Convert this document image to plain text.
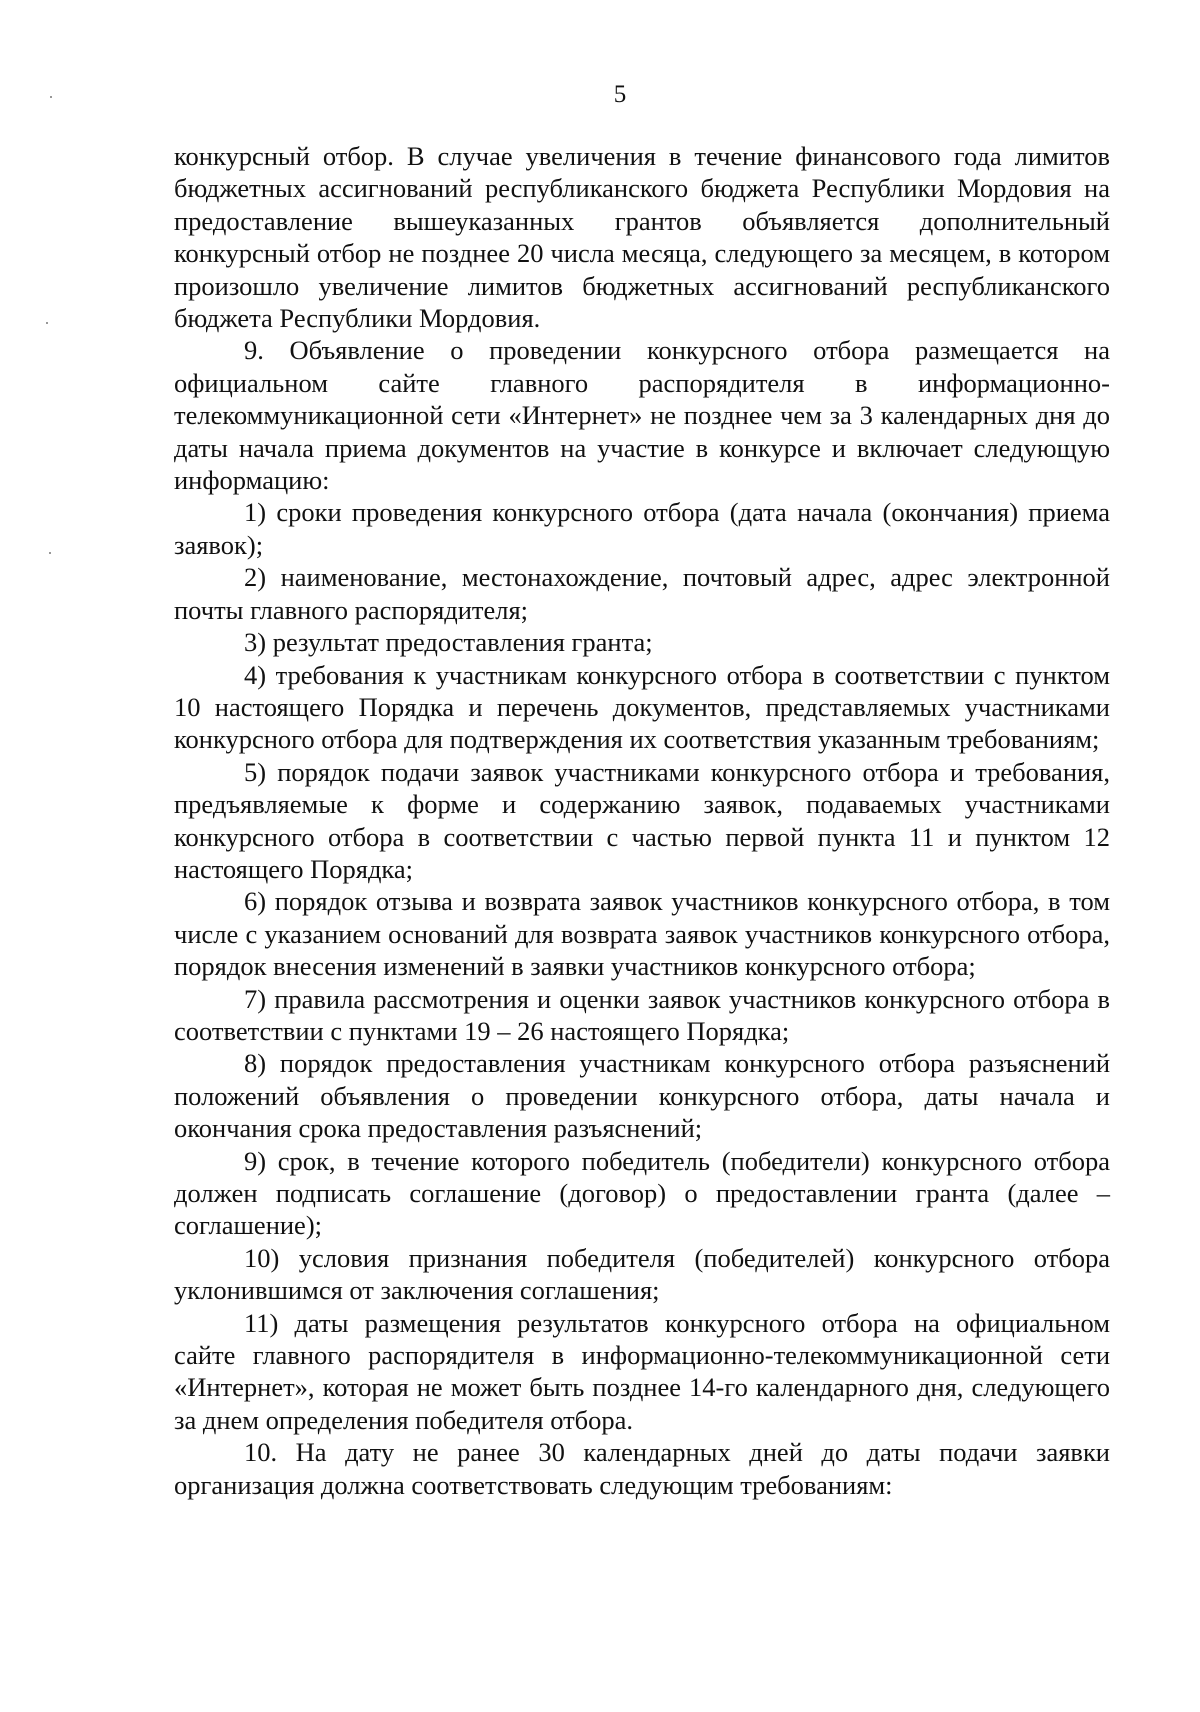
5

конкурсный отбор. В случае увеличения в течение финансового года лимитов бюджетных ассигнований республиканского бюджета Республики Мордовия на предоставление вышеуказанных грантов объявляется дополнительный конкурсный отбор не позднее 20 числа месяца, следующего за месяцем, в котором произошло увеличение лимитов бюджетных ассигнований республиканского бюджета Республики Мордовия.

9. Объявление о проведении конкурсного отбора размещается на официальном сайте главного распорядителя в информационно-телекоммуникационной сети «Интернет» не позднее чем за 3 календарных дня до даты начала приема документов на участие в конкурсе и включает следующую информацию:

1) сроки проведения конкурсного отбора (дата начала (окончания) приема заявок);

2) наименование, местонахождение, почтовый адрес, адрес электронной почты главного распорядителя;

3) результат предоставления гранта;

4) требования к участникам конкурсного отбора в соответствии с пунктом 10 настоящего Порядка и перечень документов, представляемых участниками конкурсного отбора для подтверждения их соответствия указанным требованиям;

5) порядок подачи заявок участниками конкурсного отбора и требования, предъявляемые к форме и содержанию заявок, подаваемых участниками конкурсного отбора в соответствии с частью первой пункта 11 и пунктом 12 настоящего Порядка;

6) порядок отзыва и возврата заявок участников конкурсного отбора, в том числе с указанием оснований для возврата заявок участников конкурсного отбора, порядок внесения изменений в заявки участников конкурсного отбора;

7) правила рассмотрения и оценки заявок участников конкурсного отбора в соответствии с пунктами 19 – 26 настоящего Порядка;

8) порядок предоставления участникам конкурсного отбора разъяснений положений объявления о проведении конкурсного отбора, даты начала и окончания срока предоставления разъяснений;

9) срок, в течение которого победитель (победители) конкурсного отбора должен подписать соглашение (договор) о предоставлении гранта (далее – соглашение);

10) условия признания победителя (победителей) конкурсного отбора уклонившимся от заключения соглашения;

11) даты размещения результатов конкурсного отбора на официальном сайте главного распорядителя в информационно-телекоммуникационной сети «Интернет», которая не может быть позднее 14-го календарного дня, следующего за днем определения победителя отбора.

10. На дату не ранее 30 календарных дней до даты подачи заявки организация должна соответствовать следующим требованиям:
